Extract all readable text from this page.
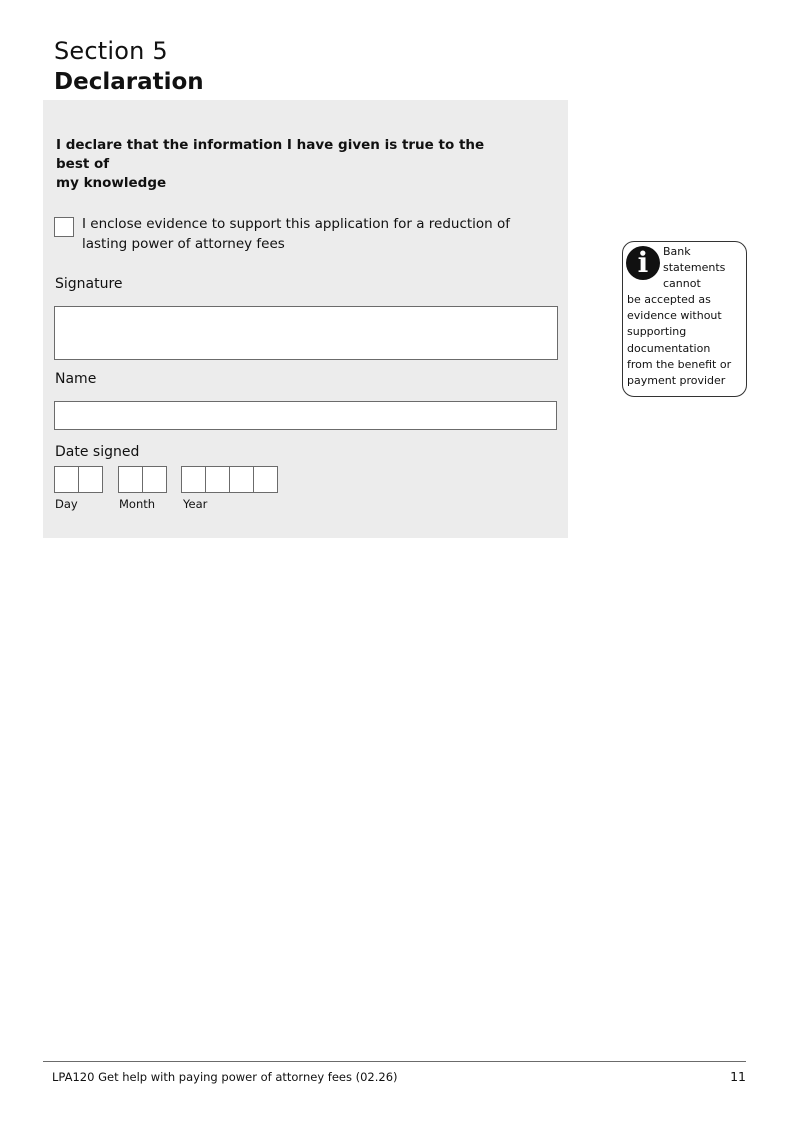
Section 5
Declaration
I declare that the information I have given is true to the best of
my knowledge
I enclose evidence to support this application for a reduction of
lasting power of attorney fees
Signature
Name
Date signed
Day	Month Year
i	Bank
statements
cannot
be accepted as
evidence without
supporting
documentation
from the benefit or
payment provider
LPA120 Get help with paying power of attorney fees (02.26)	11
